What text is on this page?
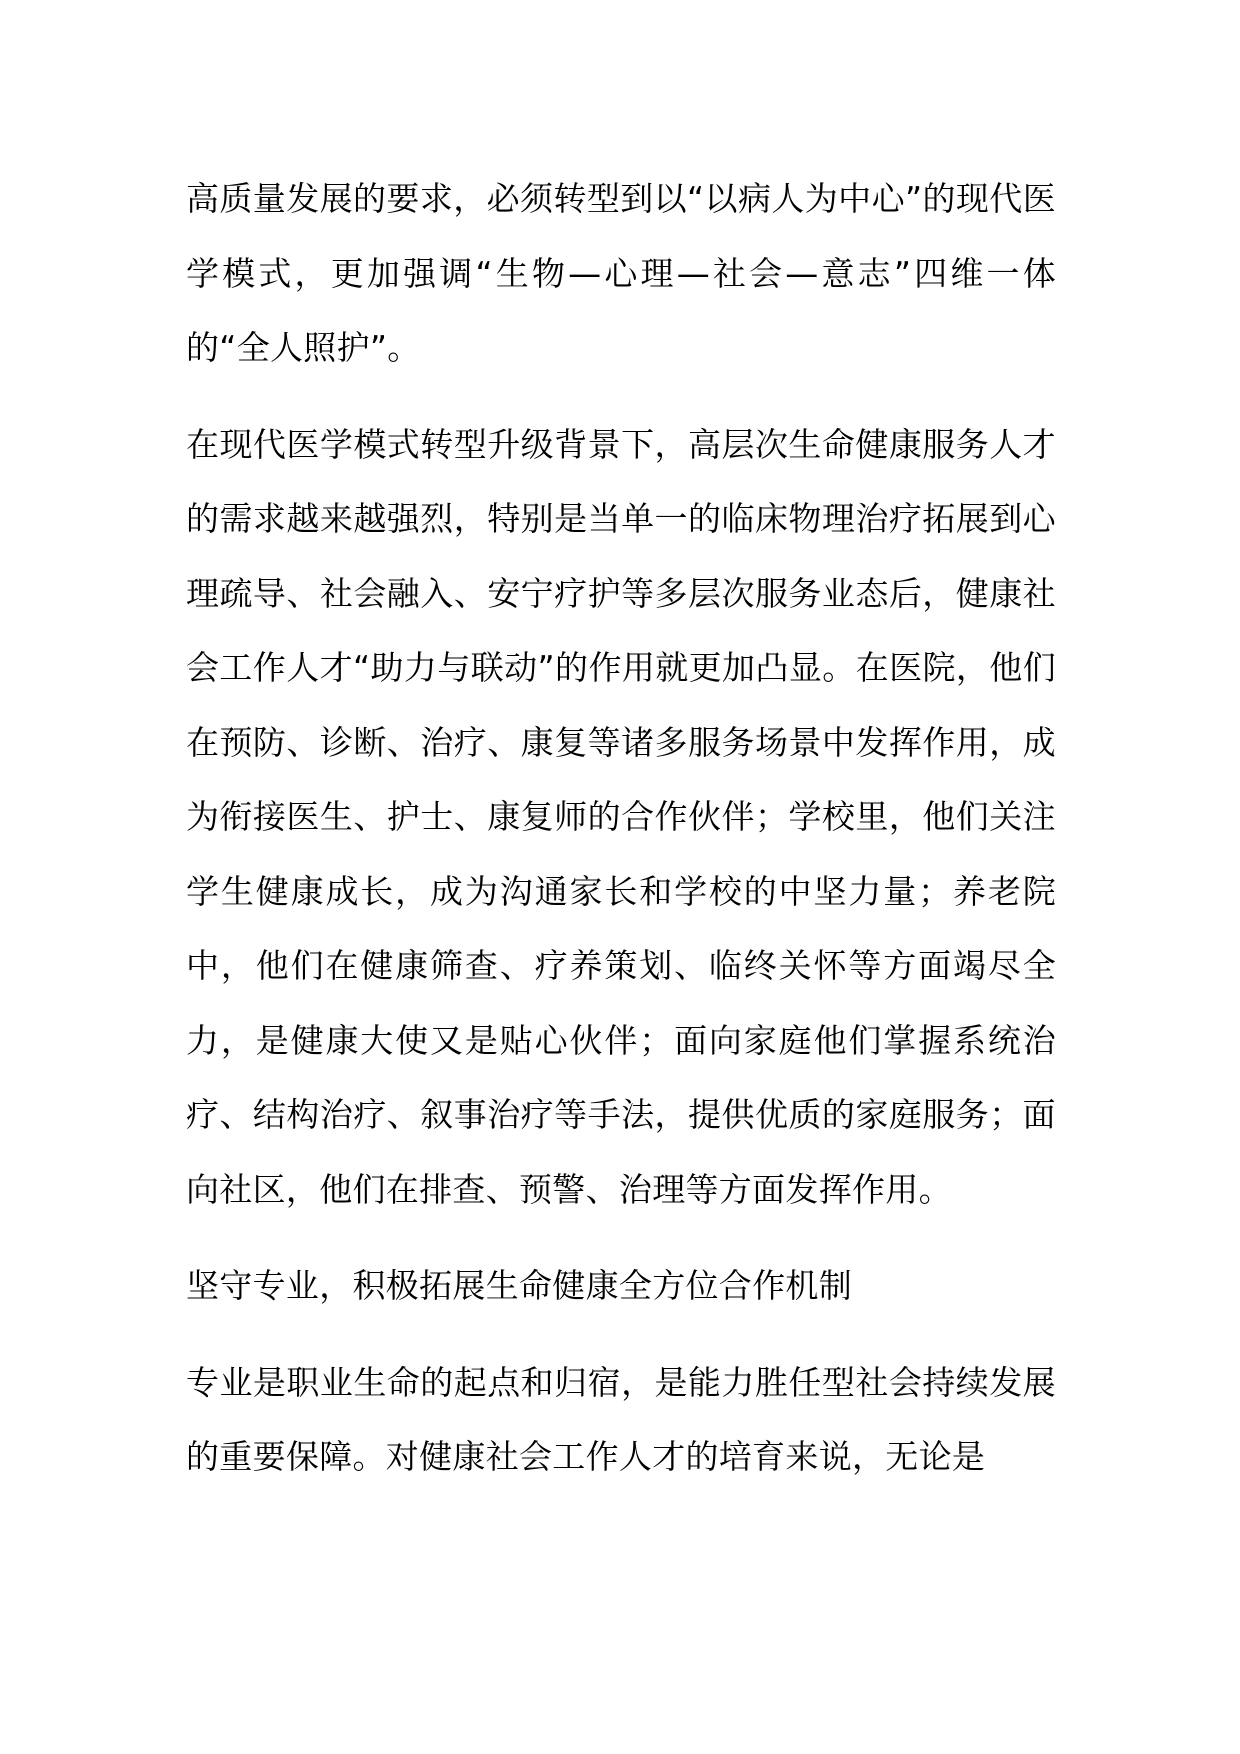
高质量发展的要求，必须转型到以“以病人为中心”的现代医学模式，更加强调“生物—心理—社会—意志”四维一体的“全人照护”。

在现代医学模式转型升级背景下，高层次生命健康服务人才的需求越来越强烈，特别是当单一的临床物理治疗拓展到心理疏导、社会融入、安宁疗护等多层次服务业态后，健康社会工作人才“助力与联动”的作用就更加凸显。在医院，他们在预防、诊断、治疗、康复等诸多服务场景中发挥作用，成为衔接医生、护士、康复师的合作伙伴；学校里，他们关注学生健康成长，成为沟通家长和学校的中坚力量；养老院中，他们在健康筛查、疗养策划、临终关怀等方面竭尽全力，是健康大使又是贴心伙伴；面向家庭他们掌握系统治疗、结构治疗、叙事治疗等手法，提供优质的家庭服务；面向社区，他们在排查、预警、治理等方面发挥作用。

坚守专业，积极拓展生命健康全方位合作机制

专业是职业生命的起点和归宿，是能力胜任型社会持续发展的重要保障。对健康社会工作人才的培育来说，无论是
